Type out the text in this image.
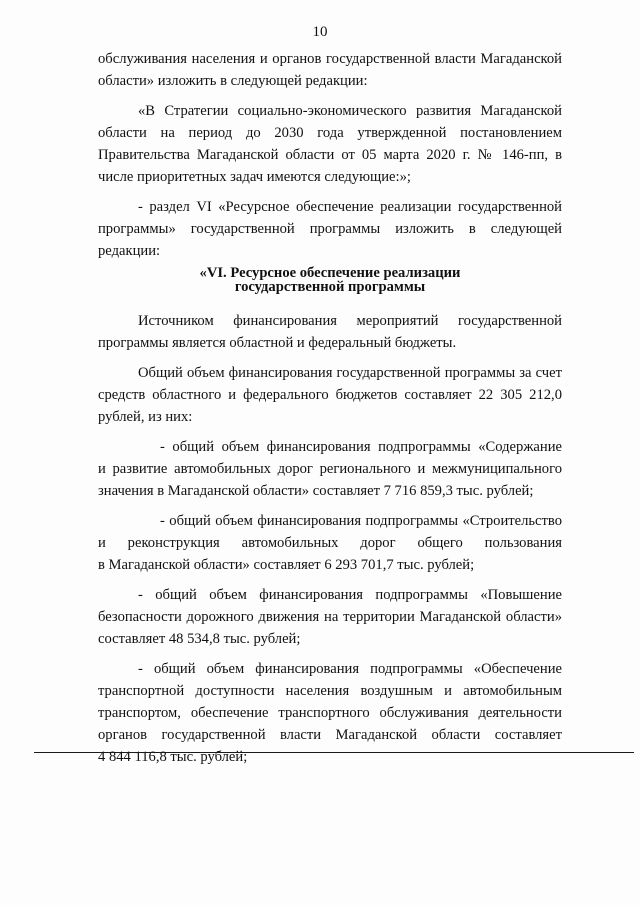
10
обслуживания населения и органов государственной власти Магаданской
области» изложить в следующей редакции:
«В Стратегии социально-экономического развития Магаданской
области на период до 2030 года утвержденной постановлением
Правительства Магаданской области от 05 марта 2020 г. № 146-пп, в
числе приоритетных задач имеются следующие:»;
- раздел VI «Ресурсное обеспечение реализации государственной
программы» государственной программы изложить в следующей
редакции:
«VI. Ресурсное обеспечение реализации
государственной программы
Источником финансирования мероприятий государственной
программы является областной и федеральный бюджеты.
Общий объем финансирования государственной программы за счет
средств областного и федерального бюджетов составляет 22 305 212,0
рублей, из них:
- общий объем финансирования подпрограммы «Содержание
и развитие автомобильных дорог регионального и межмуниципального
значения в Магаданской области» составляет 7 716 859,3 тыс. рублей;
- общий объем финансирования подпрограммы «Строительство
и реконструкция автомобильных дорог общего пользования
в Магаданской области» составляет 6 293 701,7 тыс. рублей;
- общий объем финансирования подпрограммы «Повышение
безопасности дорожного движения на территории Магаданской области»
составляет 48 534,8 тыс. рублей;
- общий объем финансирования подпрограммы «Обеспечение
транспортной доступности населения воздушным и автомобильным
транспортом, обеспечение транспортного обслуживания деятельности
органов государственной власти Магаданской области составляет
4 844 116,8 тыс. рублей;
